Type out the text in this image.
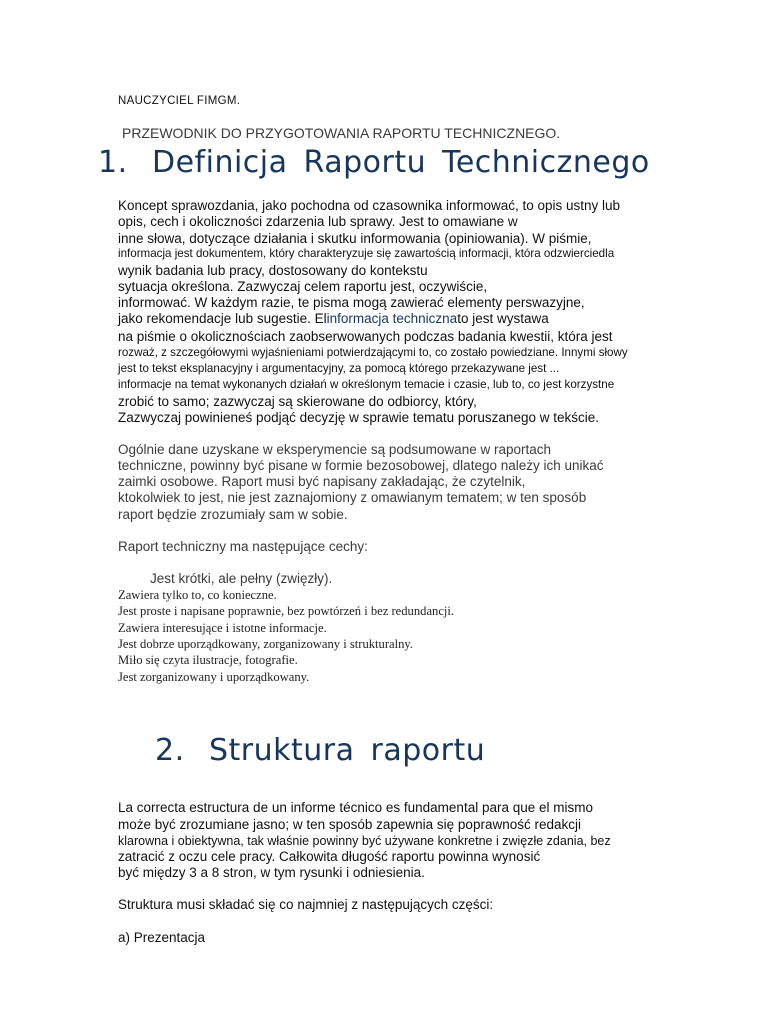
NAUCZYCIEL FIMGM.
PRZEWODNIK DO PRZYGOTOWANIA RAPORTU TECHNICZNEGO.
1. Definicja Raportu Technicznego
Koncept sprawozdania, jako pochodna od czasownika informować, to opis ustny lub
opis, cech i okoliczności zdarzenia lub sprawy. Jest to omawiane w
inne słowa, dotyczące działania i skutku informowania (opiniowania). W piśmie,
informacja jest dokumentem, który charakteryzuje się zawartością informacji, która odzwierciedla
wynik badania lub pracy, dostosowany do kontekstu
sytuacja określona. Zazwyczaj celem raportu jest, oczywiście,
informować. W każdym razie, te pisma mogą zawierać elementy perswazyjne,
jako rekomendacje lub sugestie. Elinformacja technicznato jest wystawa
na piśmie o okolicznościach zaobserwowanych podczas badania kwestii, która jest
rozważ, z szczegółowymi wyjaśnieniami potwierdzającymi to, co zostało powiedziane. Innymi słowy
jest to tekst eksplanacyjny i argumentacyjny, za pomocą którego przekazywane jest ...
informacje na temat wykonanych działań w określonym temacie i czasie, lub to, co jest korzystne
zrobić to samo; zazwyczaj są skierowane do odbiorcy, który,
Zazwyczaj powinieneś podjąć decyzję w sprawie tematu poruszanego w tekście.
Ogólnie dane uzyskane w eksperymencie są podsumowane w raportach
techniczne, powinny być pisane w formie bezosobowej, dlatego należy ich unikać
zaimki osobowe. Raport musi być napisany zakładając, że czytelnik,
ktokolwiek to jest, nie jest zaznajomiony z omawianym tematem; w ten sposób
raport będzie zrozumiały sam w sobie.
Raport techniczny ma następujące cechy:
Jest krótki, ale pełny (zwięzły).
Zawiera tylko to, co konieczne.
Jest proste i napisane poprawnie, bez powtórzeń i bez redundancji.
Zawiera interesujące i istotne informacje.
Jest dobrze uporządkowany, zorganizowany i strukturalny.
Miło się czyta ilustracje, fotografie.
Jest zorganizowany i uporządkowany.
2. Struktura raportu
La correcta estructura de un informe técnico es fundamental para que el mismo
może być zrozumiane jasno; w ten sposób zapewnia się poprawność redakcji
klarowna i obiektywna, tak właśnie powinny być używane konkretne i zwięzłe zdania, bez
zatracić z oczu cele pracy. Całkowita długość raportu powinna wynosić
być między 3 a 8 stron, w tym rysunki i odniesienia.
Struktura musi składać się co najmniej z następujących części:
a) Prezentacja
